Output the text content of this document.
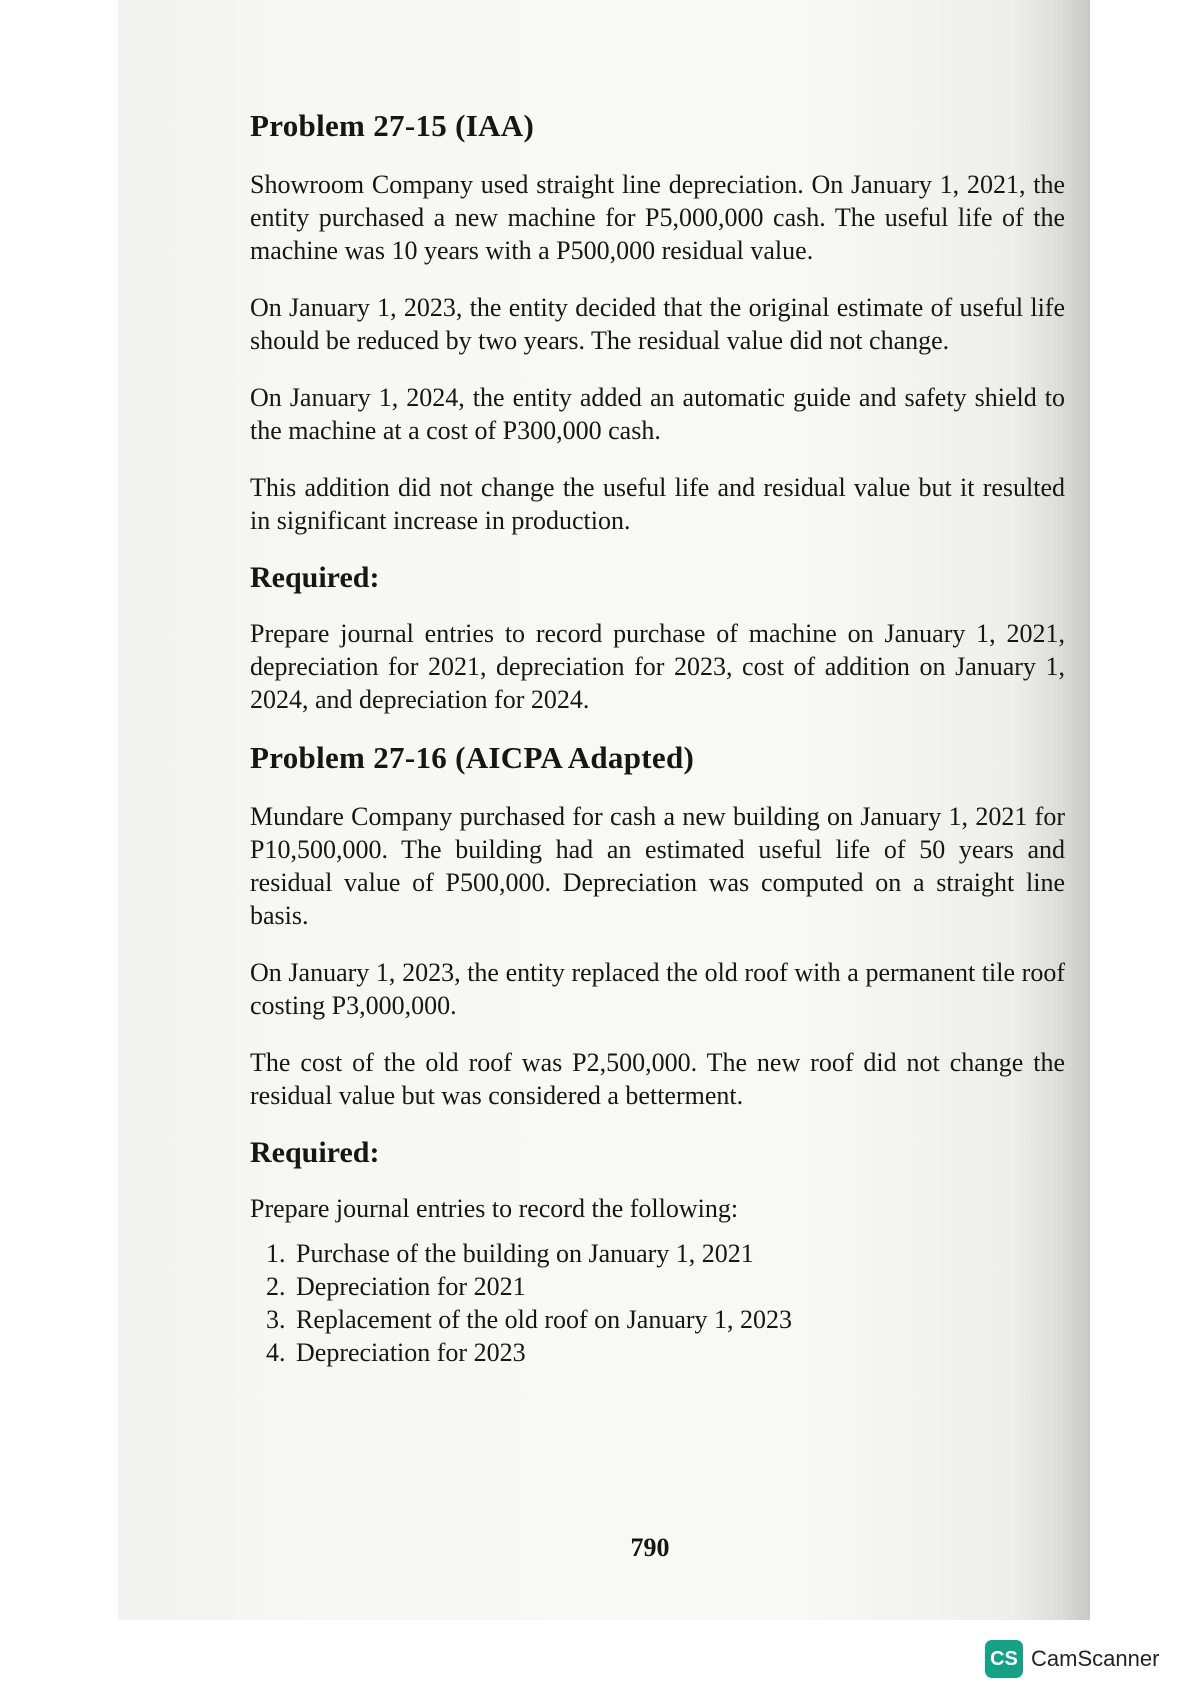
Problem 27-15 (IAA)

Showroom Company used straight line depreciation. On January 1, 2021, the entity purchased a new machine for P5,000,000 cash. The useful life of the machine was 10 years with a P500,000 residual value.

On January 1, 2023, the entity decided that the original estimate of useful life should be reduced by two years. The residual value did not change.

On January 1, 2024, the entity added an automatic guide and safety shield to the machine at a cost of P300,000 cash.

This addition did not change the useful life and residual value but it resulted in significant increase in production.

Required:

Prepare journal entries to record purchase of machine on January 1, 2021, depreciation for 2021, depreciation for 2023, cost of addition on January 1, 2024, and depreciation for 2024.

Problem 27-16 (AICPA Adapted)

Mundare Company purchased for cash a new building on January 1, 2021 for P10,500,000. The building had an estimated useful life of 50 years and residual value of P500,000. Depreciation was computed on a straight line basis.

On January 1, 2023, the entity replaced the old roof with a permanent tile roof costing P3,000,000.

The cost of the old roof was P2,500,000. The new roof did not change the residual value but was considered a betterment.

Required:

Prepare journal entries to record the following:

1. Purchase of the building on January 1, 2021
2. Depreciation for 2021
3. Replacement of the old roof on January 1, 2023
4. Depreciation for 2023
790
CS CamScanner
